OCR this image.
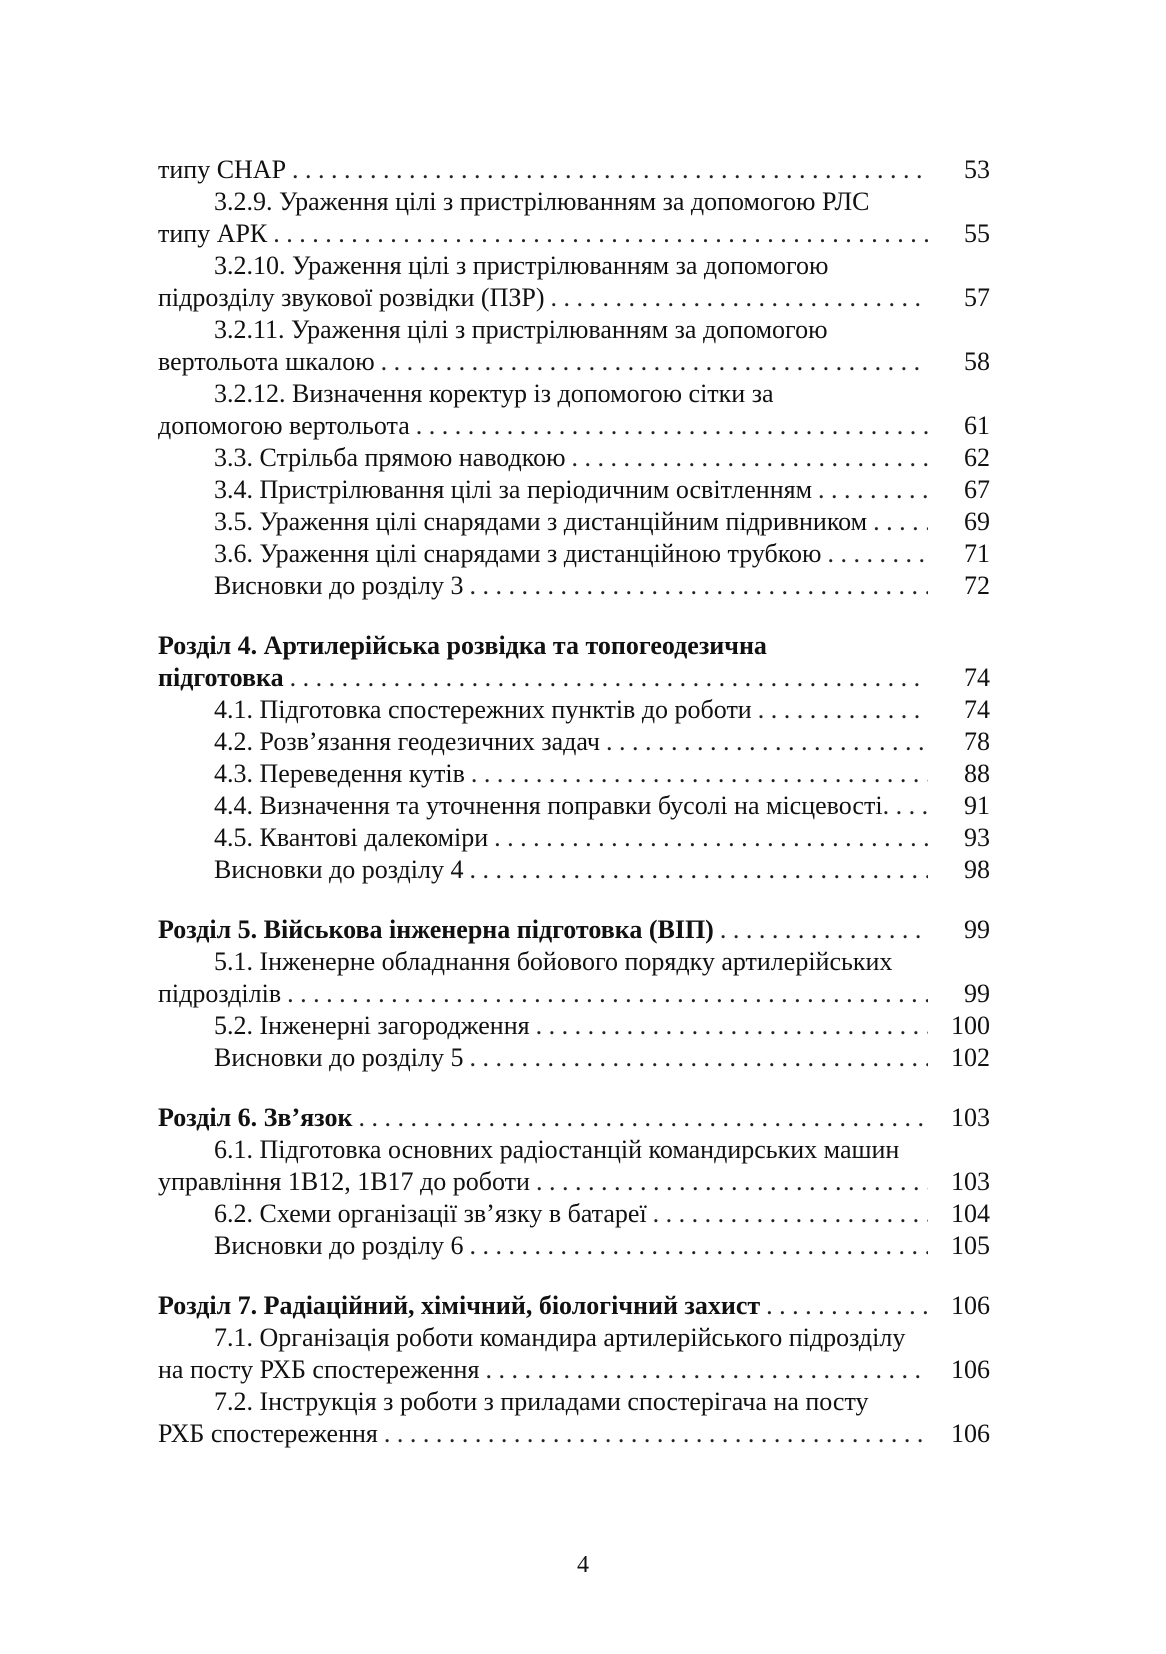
типу СНАР . . .	53
3.2.9. Ураження цілі з пристрілюванням за допомогою РЛС
типу АРК . . .	55
3.2.10. Ураження цілі з пристрілюванням за допомогою
підрозділу звукової розвідки (ПЗР) . . .	57
3.2.11. Ураження цілі з пристрілюванням за допомогою
вертольота шкалою . . .	58
3.2.12. Визначення коректур із допомогою сітки за
допомогою вертольота . . .	61
3.3. Стрільба прямою наводкою . . .	62
3.4. Пристрілювання цілі за періодичним освітленням . . .	67
3.5. Ураження цілі снарядами з дистанційним підривником . . .	69
3.6. Ураження цілі снарядами з дистанційною трубкою . . .	71
Висновки до розділу 3 . . .	72
Розділ 4. Артилерійська розвідка та топогеодезична
підготовка . . .	74
4.1. Підготовка спостережних пунктів до роботи . . .	74
4.2. Розв’язання геодезичних задач . . .	78
4.3. Переведення кутів . . .	88
4.4. Визначення та уточнення поправки бусолі на місцевості . . .	91
4.5. Квантові далекоміри . . .	93
Висновки до розділу 4 . . .	98
Розділ 5. Військова інженерна підготовка (ВІП) . . .	99
5.1. Інженерне обладнання бойового порядку артилерійських
підрозділів . . .	99
5.2. Інженерні загородження . . .	100
Висновки до розділу 5 . . .	102
Розділ 6. Зв’язок . . .	103
6.1. Підготовка основних радіостанцій командирських машин
управління 1В12, 1В17 до роботи . . .	103
6.2. Схеми організації зв’язку в батареї . . .	104
Висновки до розділу 6 . . .	105
Розділ 7. Радіаційний, хімічний, біологічний захист . . .	106
7.1. Організація роботи командира артилерійського підрозділу
на посту РХБ спостереження . . .	106
7.2. Інструкція з роботи з приладами спостерігача на посту
РХБ спостереження . . .	106
4
